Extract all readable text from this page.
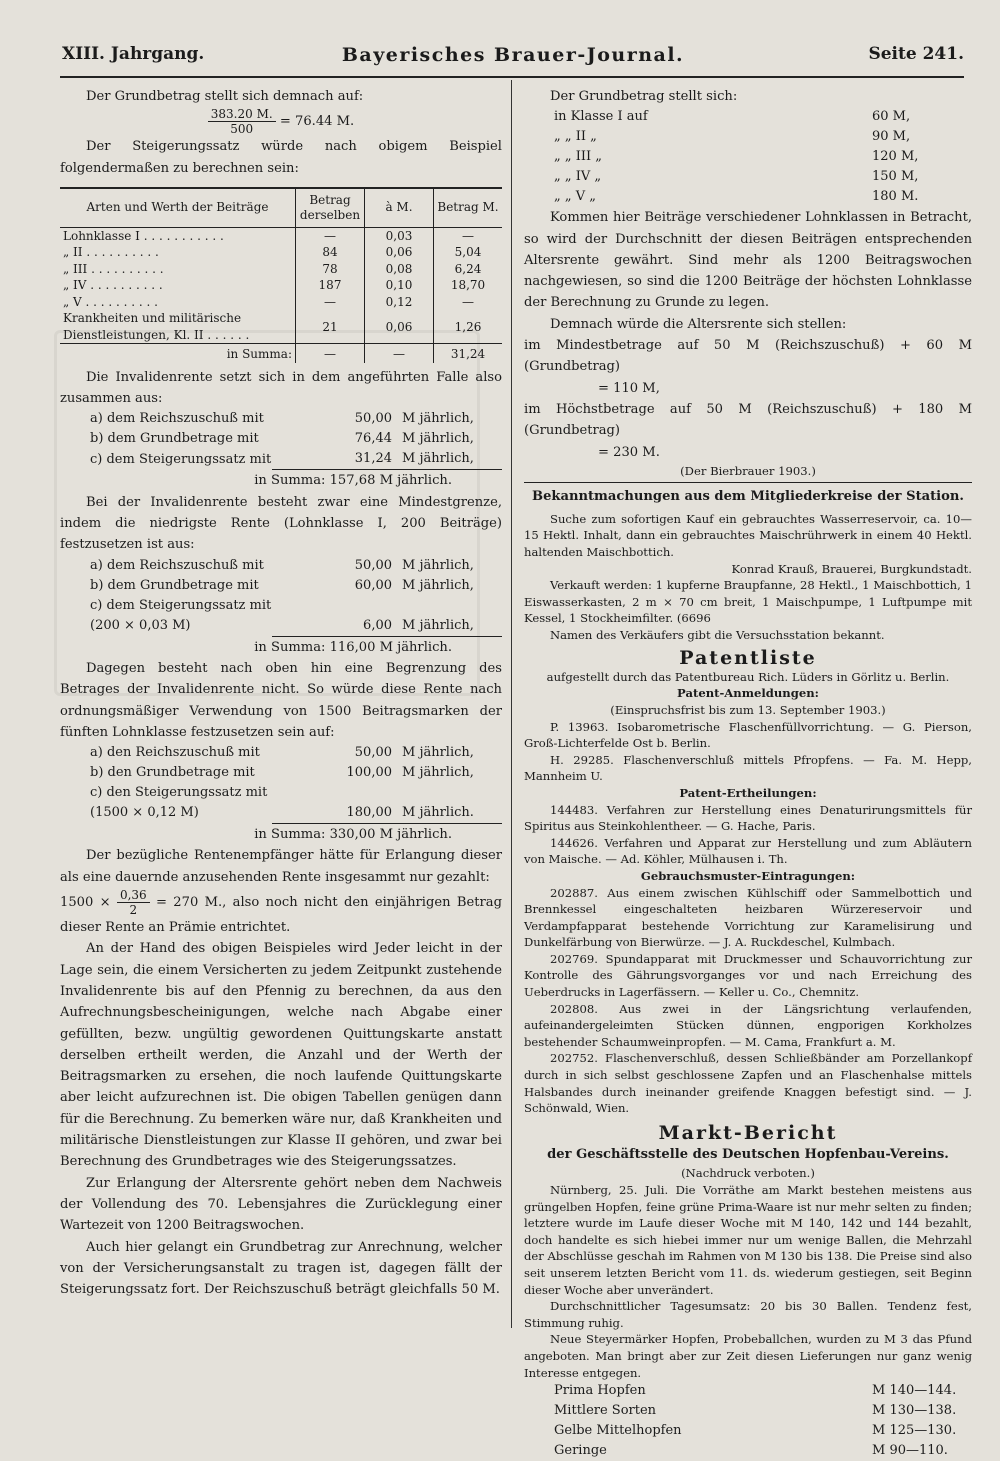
XIII. Jahrgang.	Bayerisches Brauer-Journal.	Seite 241.

Der Grundbetrag stellt sich demnach auf:

$\frac{383.20 M.}{500} = 76.44$ M.

Der Steigerungssatz würde nach obigem Beispiel folgendermaßen zu berechnen sein:

Arten und Werth der Beiträge	Betrag derselben	à M.	Betrag M.
Lohnklasse I . . . . . . . . . . .	—	0,03	—
„ II . . . . . . . . . .	84	0,06	5,04
„ III . . . . . . . . . .	78	0,08	6,24
„ IV . . . . . . . . . .	187	0,10	18,70
„ V . . . . . . . . . .	—	0,12	—
Krankheiten und militärische Dienstleistungen, Kl. II . . . . . .	21	0,06	1,26
in Summa:	—	—	31,24

Die Invalidenrente setzt sich in dem angeführten Falle also zusammen aus:

a) dem Reichszuschuß mit	50,00	M jährlich,
b) dem Grundbetrage mit	76,44	M jährlich,
c) dem Steigerungssatz mit	31,24	M jährlich,

in Summa: 157,68 M jährlich.

Bei der Invalidenrente besteht zwar eine Mindestgrenze, indem die niedrigste Rente (Lohnklasse I, 200 Beiträge) festzusetzen ist aus:

a) dem Reichszuschuß mit	50,00	M jährlich,
b) dem Grundbetrage mit	60,00	M jährlich,
c) dem Steigerungssatz mit		
(200 × 0,03 M)	6,00	M jährlich,

in Summa: 116,00 M jährlich.

Dagegen besteht nach oben hin eine Begrenzung des Betrages der Invalidenrente nicht. So würde diese Rente nach ordnungsmäßiger Verwendung von 1500 Beitragsmarken der fünften Lohnklasse festzusetzen sein auf:

a) den Reichszuschuß mit	50,00	M jährlich,
b) den Grundbetrage mit	100,00	M jährlich,
c) den Steigerungssatz mit		
(1500 × 0,12 M)	180,00	M jährlich.

in Summa: 330,00 M jährlich.

Der bezügliche Rentenempfänger hätte für Erlangung dieser als eine dauernde anzusehenden Rente insgesammt nur gezahlt:

$1500 \times \frac{0,36}{2} = 270$ M., also noch nicht den einjährigen Betrag dieser Rente an Prämie entrichtet.

An der Hand des obigen Beispieles wird Jeder leicht in der Lage sein, die einem Versicherten zu jedem Zeitpunkt zustehende Invalidenrente bis auf den Pfennig zu berechnen, da aus den Aufrechnungsbescheinigungen, welche nach Abgabe einer gefüllten, bezw. ungültig gewordenen Quittungskarte anstatt derselben ertheilt werden, die Anzahl und der Werth der Beitragsmarken zu ersehen, die noch laufende Quittungskarte aber leicht aufzurechnen ist. Die obigen Tabellen genügen dann für die Berechnung. Zu bemerken wäre nur, daß Krankheiten und militärische Dienstleistungen zur Klasse II gehören, und zwar bei Berechnung des Grundbetrages wie des Steigerungssatzes.

Zur Erlangung der Altersrente gehört neben dem Nachweis der Vollendung des 70. Lebensjahres die Zurücklegung einer Wartezeit von 1200 Beitragswochen.

Auch hier gelangt ein Grundbetrag zur Anrechnung, welcher von der Versicherungsanstalt zu tragen ist, dagegen fällt der Steigerungssatz fort. Der Reichszuschuß beträgt gleichfalls 50 M.

Der Grundbetrag stellt sich:

in Klasse I auf	60 M,
„ „ II „	90 M,
„ „ III „	120 M,
„ „ IV „	150 M,
„ „ V „	180 M.

Kommen hier Beiträge verschiedener Lohnklassen in Betracht, so wird der Durchschnitt der diesen Beiträgen entsprechenden Altersrente gewährt. Sind mehr als 1200 Beitragswochen nachgewiesen, so sind die 1200 Beiträge der höchsten Lohnklasse der Berechnung zu Grunde zu legen.

Demnach würde die Altersrente sich stellen:

im Mindestbetrage auf 50 M (Reichszuschuß) + 60 M (Grundbetrag)

= 110 M,

im Höchstbetrage auf 50 M (Reichszuschuß) + 180 M (Grundbetrag)

= 230 M.

(Der Bierbrauer 1903.)

Bekanntmachungen aus dem Mitgliederkreise der Station.

Suche zum sofortigen Kauf ein gebrauchtes Wasserreservoir, ca. 10—15 Hektl. Inhalt, dann ein gebrauchtes Maischrührwerk in einem 40 Hektl. haltenden Maischbottich.

Konrad Krauß, Brauerei, Burgkundstadt.

Verkauft werden: 1 kupferne Braupfanne, 28 Hektl., 1 Maischbottich, 1 Eiswasserkasten, 2 m × 70 cm breit, 1 Maischpumpe, 1 Luftpumpe mit Kessel, 1 Stockheimfilter. (6696

Namen des Verkäufers gibt die Versuchsstation bekannt.

Patentliste

aufgestellt durch das Patentbureau Rich. Lüders in Görlitz u. Berlin.

Patent-Anmeldungen:

(Einspruchsfrist bis zum 13. September 1903.)

P. 13963. Isobarometrische Flaschenfüllvorrichtung. — G. Pierson, Groß-Lichterfelde Ost b. Berlin.

H. 29285. Flaschenverschluß mittels Pfropfens. — Fa. M. Hepp, Mannheim U.

Patent-Ertheilungen:

144483. Verfahren zur Herstellung eines Denaturirungsmittels für Spiritus aus Steinkohlentheer. — G. Hache, Paris.

144626. Verfahren und Apparat zur Herstellung und zum Abläutern von Maische. — Ad. Köhler, Mülhausen i. Th.

Gebrauchsmuster-Eintragungen:

202887. Aus einem zwischen Kühlschiff oder Sammelbottich und Brennkessel eingeschalteten heizbaren Würzereservoir und Verdampfapparat bestehende Vorrichtung zur Karamelisirung und Dunkelfärbung von Bierwürze. — J. A. Ruckdeschel, Kulmbach.

202769. Spundapparat mit Druckmesser und Schauvorrichtung zur Kontrolle des Gährungsvorganges vor und nach Erreichung des Ueberdrucks in Lagerfässern. — Keller u. Co., Chemnitz.

202808. Aus zwei in der Längsrichtung verlaufenden, aufeinandergeleimten Stücken dünnen, engporigen Korkholzes bestehender Schaumweinpropfen. — M. Cama, Frankfurt a. M.

202752. Flaschenverschluß, dessen Schließbänder am Porzellankopf durch in sich selbst geschlossene Zapfen und an Flaschenhalse mittels Halsbandes durch ineinander greifende Knaggen befestigt sind. — J. Schönwald, Wien.

Markt-Bericht

der Geschäftsstelle des Deutschen Hopfenbau-Vereins.

(Nachdruck verboten.)

Nürnberg, 25. Juli. Die Vorräthe am Markt bestehen meistens aus grüngelben Hopfen, feine grüne Prima-Waare ist nur mehr selten zu finden; letztere wurde im Laufe dieser Woche mit M 140, 142 und 144 bezahlt, doch handelte es sich hiebei immer nur um wenige Ballen, die Mehrzahl der Abschlüsse geschah im Rahmen von M 130 bis 138. Die Preise sind also seit unserem letzten Bericht vom 11. ds. wiederum gestiegen, seit Beginn dieser Woche aber unverändert.

Durchschnittlicher Tagesumsatz: 20 bis 30 Ballen. Tendenz fest, Stimmung ruhig.

Neue Steyermärker Hopfen, Probeballchen, wurden zu M 3 das Pfund angeboten. Man bringt aber zur Zeit diesen Lieferungen nur ganz wenig Interesse entgegen.

Prima Hopfen	M 140—144.
Mittlere Sorten	M 130—138.
Gelbe Mittelhopfen	M 125—130.
Geringe	M 90—110.
